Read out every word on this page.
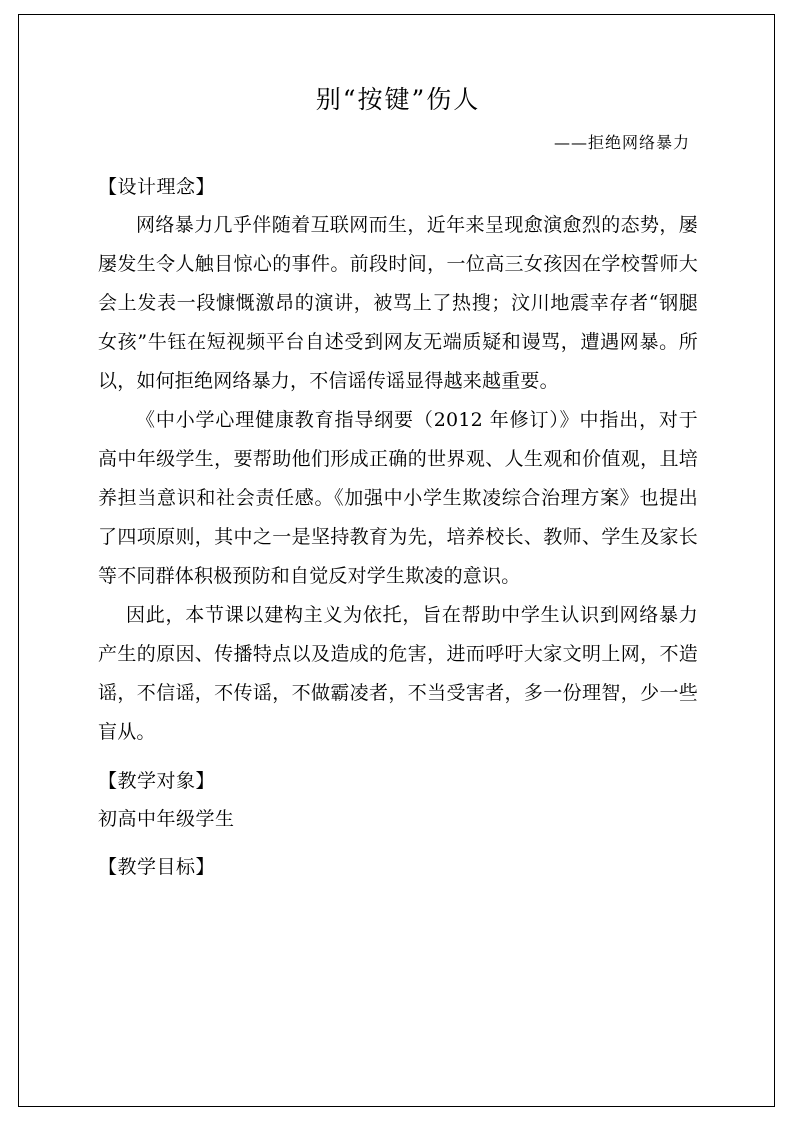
别“按键”伤人
——拒绝网络暴力
【设计理念】

网络暴力几乎伴随着互联网而生，近年来呈现愈演愈烈的态势，屡屡发生令人触目惊心的事件。前段时间，一位高三女孩因在学校誓师大会上发表一段慷慨激昂的演讲，被骂上了热搜；汶川地震幸存者“钢腿女孩”牛钰在短视频平台自述受到网友无端质疑和谩骂，遭遇网暴。所以，如何拒绝网络暴力，不信谣传谣显得越来越重要。

《中小学心理健康教育指导纲要（2012 年修订）》中指出，对于高中年级学生，要帮助他们形成正确的世界观、人生观和价值观，且培养担当意识和社会责任感。《加强中小学生欺凌综合治理方案》也提出了四项原则，其中之一是坚持教育为先，培养校长、教师、学生及家长等不同群体积极预防和自觉反对学生欺凌的意识。

因此，本节课以建构主义为依托，旨在帮助中学生认识到网络暴力产生的原因、传播特点以及造成的危害，进而呼吁大家文明上网，不造谣，不信谣，不传谣，不做霸凌者，不当受害者，多一份理智，少一些盲从。

【教学对象】

初高中年级学生

【教学目标】
